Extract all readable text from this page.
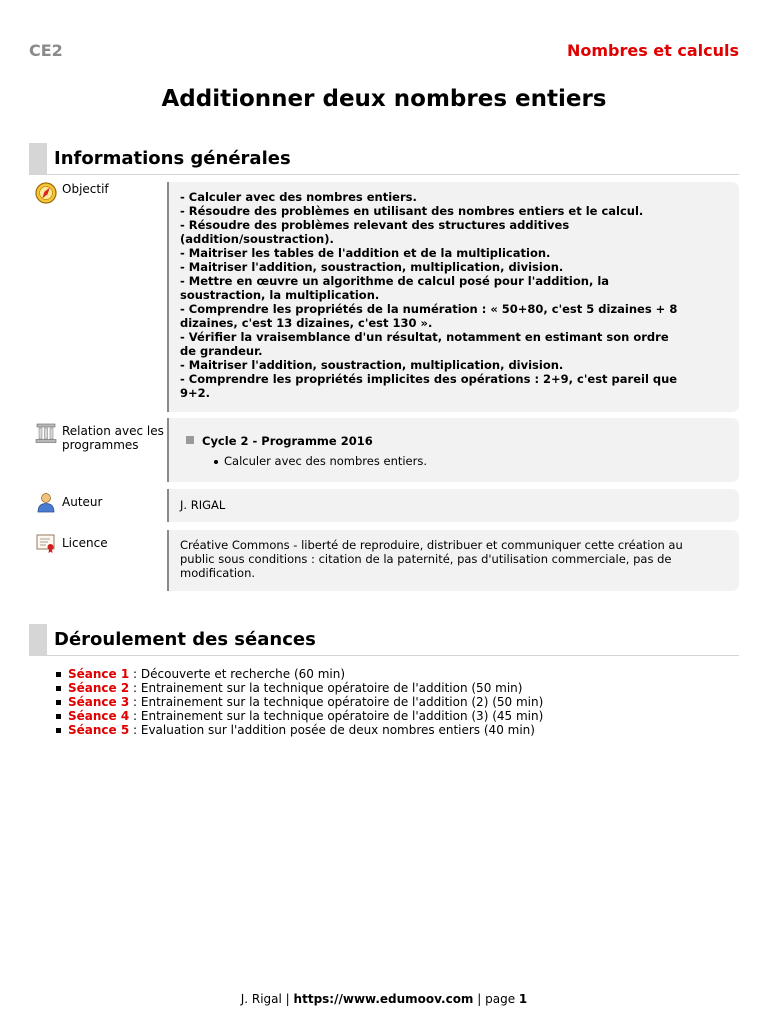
CE2	Nombres et calculs
Additionner deux nombres entiers
Informations générales
Objectif
- Calculer avec des nombres entiers.
- Résoudre des problèmes en utilisant des nombres entiers et le calcul.
- Résoudre des problèmes relevant des structures additives
(addition/soustraction).
- Maitriser les tables de l'addition et de la multiplication.
- Maitriser l'addition, soustraction, multiplication, division.
- Mettre en œuvre un algorithme de calcul posé pour l'addition, la
soustraction, la multiplication.
- Comprendre les propriétés de la numération : « 50+80, c'est 5 dizaines + 8
dizaines, c'est 13 dizaines, c'est 130 ».
- Vérifier la vraisemblance d'un résultat, notamment en estimant son ordre
de grandeur.
- Maitriser l'addition, soustraction, multiplication, division.
- Comprendre les propriétés implicites des opérations : 2+9, c'est pareil que
9+2.
Relation avec les programmes	Cycle 2 - Programme 2016
Calculer avec des nombres entiers.
Auteur	J. RIGAL
Licence	Créative Commons - liberté de reproduire, distribuer et communiquer cette création au
public sous conditions : citation de la paternité, pas d'utilisation commerciale, pas de
modification.
Déroulement des séances
Séance 1 : Découverte et recherche (60 min)
Séance 2 : Entrainement sur la technique opératoire de l'addition (50 min)
Séance 3 : Entrainement sur la technique opératoire de l'addition (2) (50 min)
Séance 4 : Entrainement sur la technique opératoire de l'addition (3) (45 min)
Séance 5 : Evaluation sur l'addition posée de deux nombres entiers (40 min)
J. Rigal | https://www.edumoov.com | page 1
